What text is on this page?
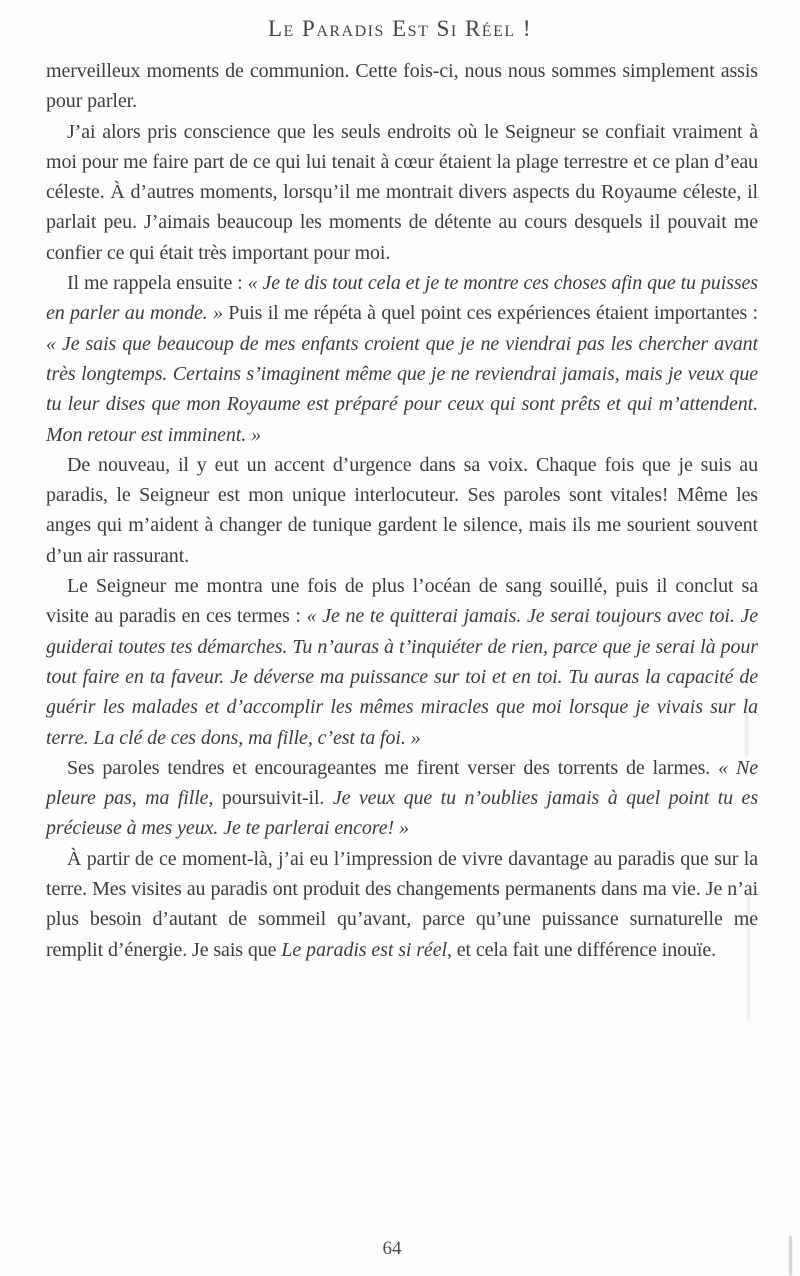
Le Paradis Est Si Réel !

merveilleux moments de communion. Cette fois-ci, nous nous sommes simplement assis pour parler.

J’ai alors pris conscience que les seuls endroits où le Seigneur se confiait vraiment à moi pour me faire part de ce qui lui tenait à cœur étaient la plage terrestre et ce plan d’eau céleste. À d’autres moments, lorsqu’il me montrait divers aspects du Royaume céleste, il parlait peu. J’aimais beaucoup les moments de détente au cours desquels il pouvait me confier ce qui était très important pour moi.

Il me rappela ensuite : « Je te dis tout cela et je te montre ces choses afin que tu puisses en parler au monde. » Puis il me répéta à quel point ces expériences étaient importantes : « Je sais que beaucoup de mes enfants croient que je ne viendrai pas les chercher avant très longtemps. Certains s’imaginent même que je ne reviendrai jamais, mais je veux que tu leur dises que mon Royaume est préparé pour ceux qui sont prêts et qui m’attendent. Mon retour est imminent. »

De nouveau, il y eut un accent d’urgence dans sa voix. Chaque fois que je suis au paradis, le Seigneur est mon unique interlocuteur. Ses paroles sont vitales! Même les anges qui m’aident à changer de tunique gardent le silence, mais ils me sourient souvent d’un air rassurant.

Le Seigneur me montra une fois de plus l’océan de sang souillé, puis il conclut sa visite au paradis en ces termes : « Je ne te quitterai jamais. Je serai toujours avec toi. Je guiderai toutes tes démarches. Tu n’auras à t’inquiéter de rien, parce que je serai là pour tout faire en ta faveur. Je déverse ma puissance sur toi et en toi. Tu auras la capacité de guérir les malades et d’accomplir les mêmes miracles que moi lorsque je vivais sur la terre. La clé de ces dons, ma fille, c’est ta foi. »

Ses paroles tendres et encourageantes me firent verser des torrents de larmes. « Ne pleure pas, ma fille, poursuivit-il. Je veux que tu n’oublies jamais à quel point tu es précieuse à mes yeux. Je te parlerai encore! »

À partir de ce moment-là, j’ai eu l’impression de vivre davantage au paradis que sur la terre. Mes visites au paradis ont produit des changements permanents dans ma vie. Je n’ai plus besoin d’autant de sommeil qu’avant, parce qu’une puissance surnaturelle me remplit d’énergie. Je sais que Le paradis est si réel, et cela fait une différence inouïe.

64
